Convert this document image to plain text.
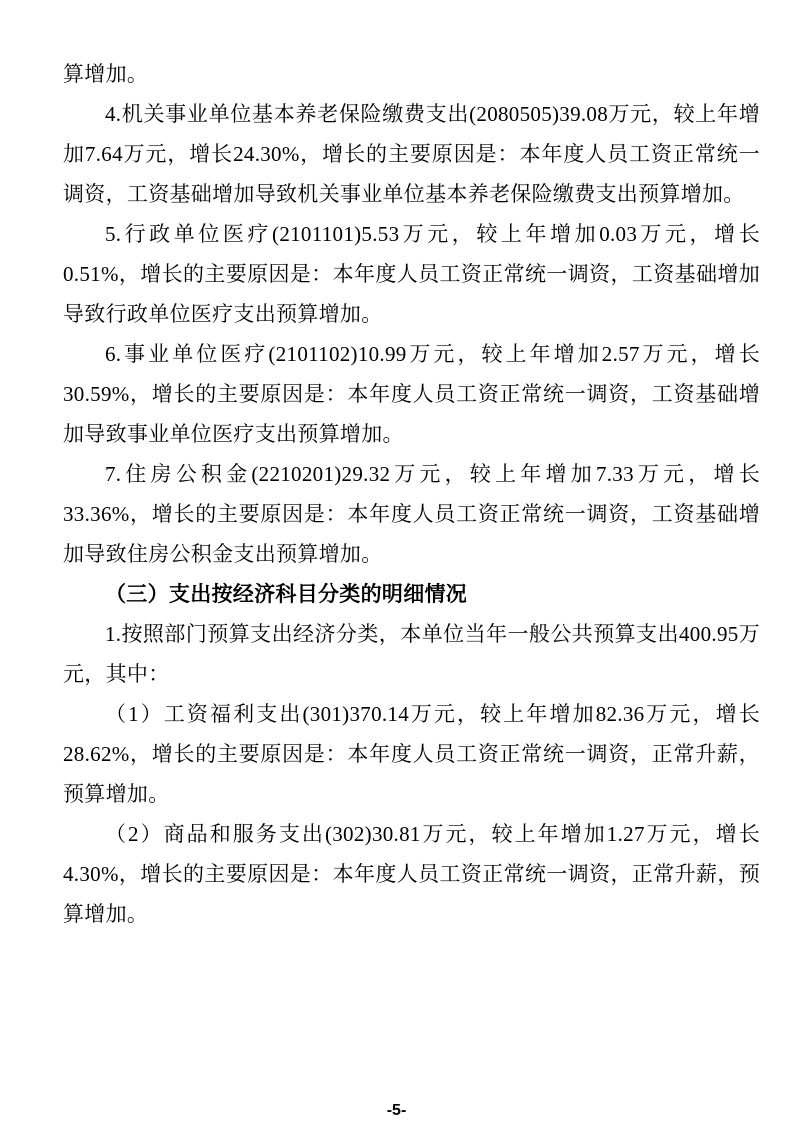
算增加。

4.机关事业单位基本养老保险缴费支出(2080505)39.08万元，较上年增加7.64万元，增长24.30%，增长的主要原因是：本年度人员工资正常统一调资，工资基础增加导致机关事业单位基本养老保险缴费支出预算增加。

5.行政单位医疗(2101101)5.53万元，较上年增加0.03万元，增长0.51%，增长的主要原因是：本年度人员工资正常统一调资，工资基础增加导致行政单位医疗支出预算增加。

6.事业单位医疗(2101102)10.99万元，较上年增加2.57万元，增长30.59%，增长的主要原因是：本年度人员工资正常统一调资，工资基础增加导致事业单位医疗支出预算增加。

7.住房公积金(2210201)29.32万元，较上年增加7.33万元，增长33.36%，增长的主要原因是：本年度人员工资正常统一调资，工资基础增加导致住房公积金支出预算增加。

（三）支出按经济科目分类的明细情况

1.按照部门预算支出经济分类，本单位当年一般公共预算支出400.95万元，其中：

（1）工资福利支出(301)370.14万元，较上年增加82.36万元，增长28.62%，增长的主要原因是：本年度人员工资正常统一调资，正常升薪，预算增加。

（2）商品和服务支出(302)30.81万元，较上年增加1.27万元，增长4.30%，增长的主要原因是：本年度人员工资正常统一调资，正常升薪，预算增加。

-5-
